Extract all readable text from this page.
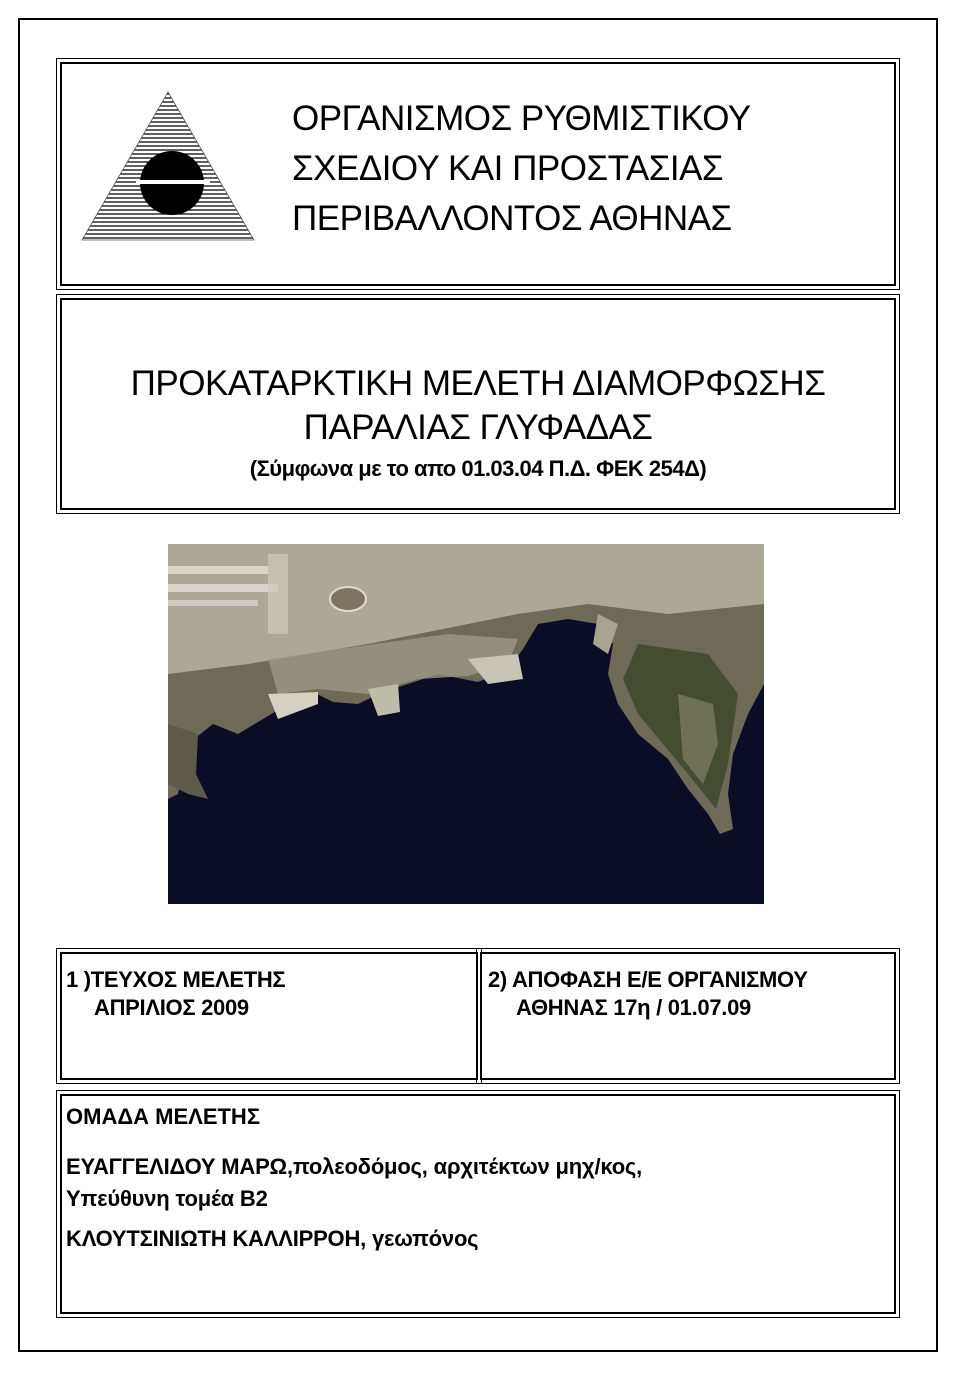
ΟΡΓΑΝΙΣΜΟΣ ΡΥΘΜΙΣΤΙΚΟΥ
ΣΧΕΔΙΟΥ ΚΑΙ ΠΡΟΣΤΑΣΙΑΣ
ΠΕΡΙΒΑΛΛΟΝΤΟΣ ΑΘΗΝΑΣ
ΠΡΟΚΑΤΑΡΚΤΙΚΗ ΜΕΛΕΤΗ ΔΙΑΜΟΡΦΩΣΗΣ
ΠΑΡΑΛΙΑΣ ΓΛΥΦΑΔΑΣ
(Σύμφωνα με το απο 01.03.04 Π.Δ. ΦΕΚ 254Δ)
1 )ΤΕΥΧΟΣ ΜΕΛΕΤΗΣ
ΑΠΡΙΛΙΟΣ 2009
2) ΑΠΟΦΑΣΗ Ε/Ε ΟΡΓΑΝΙΣΜΟΥ
ΑΘΗΝΑΣ 17η / 01.07.09
ΟΜΑΔΑ ΜΕΛΕΤΗΣ
ΕΥΑΓΓΕΛΙΔΟΥ ΜΑΡΩ,πολεοδόμος, αρχιτέκτων μηχ/κος,
Υπεύθυνη τομέα Β2
ΚΛΟΥΤΣΙΝΙΩΤΗ ΚΑΛΛΙΡΡΟΗ, γεωπόνος
